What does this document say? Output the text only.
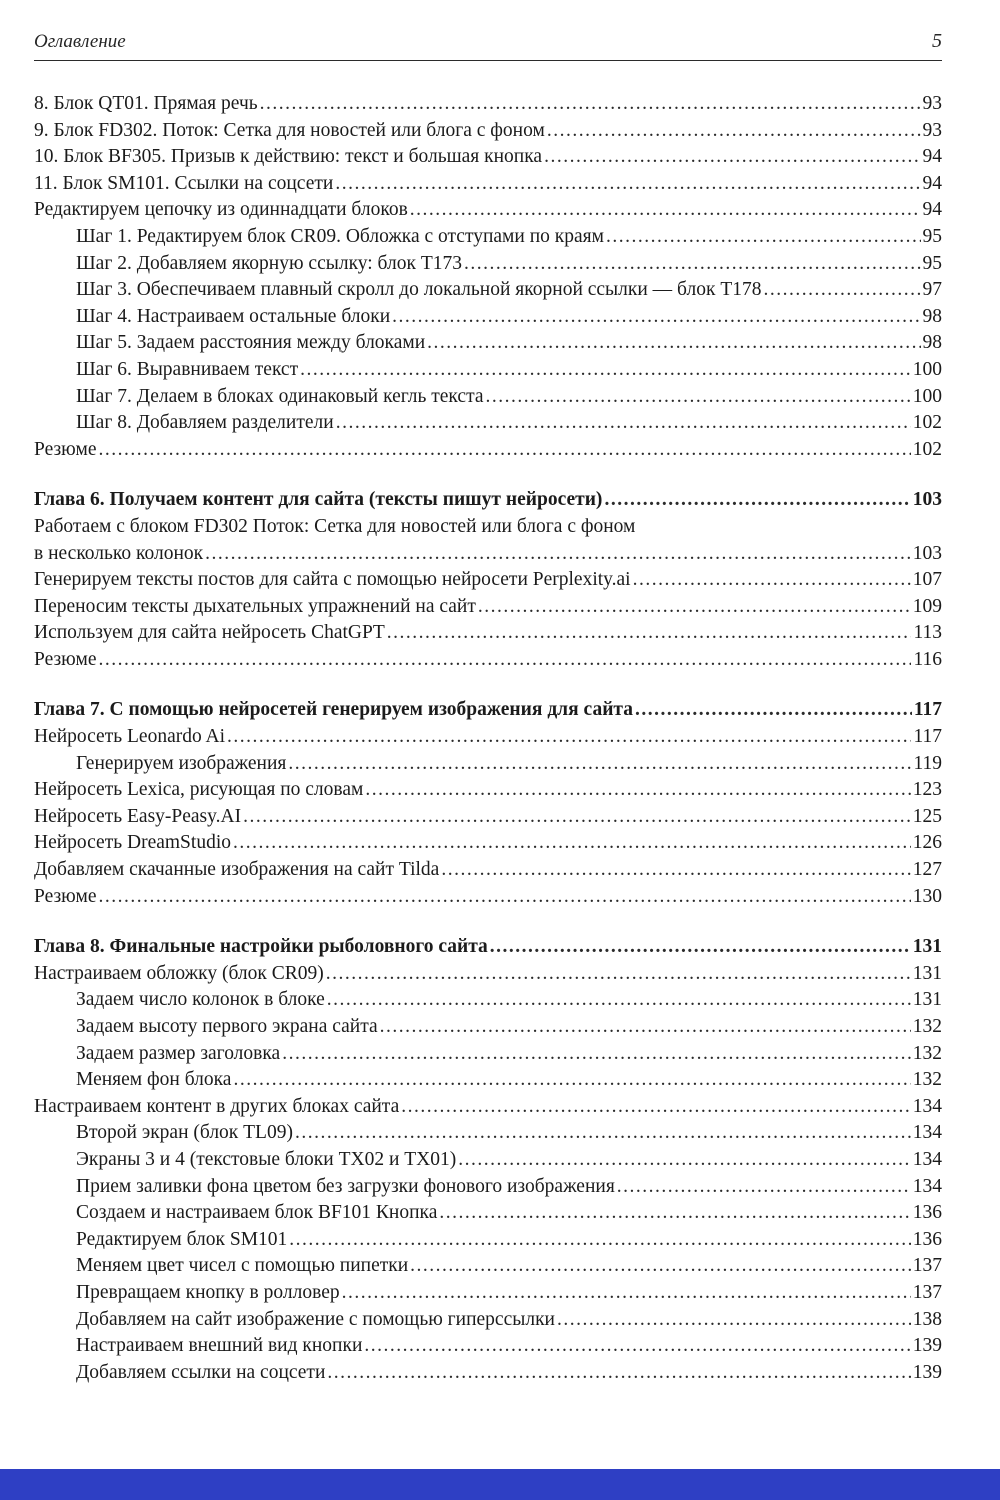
Оглавление	5
8. Блок QT01. Прямая речь .....	93
9. Блок FD302. Поток: Сетка для новостей или блога с фоном .....	93
10. Блок BF305. Призыв к действию: текст и большая кнопка .....	94
11. Блок SM101. Ссылки на соцсети .....	94
Редактируем цепочку из одиннадцати блоков .....	94
Шаг 1. Редактируем блок CR09. Обложка с отступами по краям .....	95
Шаг 2. Добавляем якорную ссылку: блок T173 .....	95
Шаг 3. Обеспечиваем плавный скролл до локальной якорной ссылки — блок T178 .....	97
Шаг 4. Настраиваем остальные блоки .....	98
Шаг 5. Задаем расстояния между блоками .....	98
Шаг 6. Выравниваем текст .....	100
Шаг 7. Делаем в блоках одинаковый кегль текста .....	100
Шаг 8. Добавляем разделители .....	102
Резюме .....	102
Глава 6. Получаем контент для сайта (тексты пишут нейросети) .....	103
Работаем с блоком FD302 Поток: Сетка для новостей или блога с фоном
в несколько колонок .....	103
Генерируем тексты постов для сайта с помощью нейросети Perplexity.ai .....	107
Переносим тексты дыхательных упражнений на сайт .....	109
Используем для сайта нейросеть ChatGPT .....	113
Резюме .....	116
Глава 7. С помощью нейросетей генерируем изображения для сайта .....	117
Нейросеть Leonardo Ai .....	117
Генерируем изображения .....	119
Нейросеть Lexica, рисующая по словам .....	123
Нейросеть Easy-Peasy.AI .....	125
Нейросеть DreamStudio .....	126
Добавляем скачанные изображения на сайт Tilda .....	127
Резюме .....	130
Глава 8. Финальные настройки рыболовного сайта .....	131
Настраиваем обложку (блок CR09) .....	131
Задаем число колонок в блоке .....	131
Задаем высоту первого экрана сайта .....	132
Задаем размер заголовка .....	132
Меняем фон блока .....	132
Настраиваем контент в других блоках сайта .....	134
Второй экран (блок TL09) .....	134
Экраны 3 и 4 (текстовые блоки TX02 и TX01) .....	134
Прием заливки фона цветом без загрузки фонового изображения .....	134
Создаем и настраиваем блок BF101 Кнопка .....	136
Редактируем блок SM101 .....	136
Меняем цвет чисел с помощью пипетки .....	137
Превращаем кнопку в ролловер .....	137
Добавляем на сайт изображение с помощью гиперссылки .....	138
Настраиваем внешний вид кнопки .....	139
Добавляем ссылки на соцсети .....	139
